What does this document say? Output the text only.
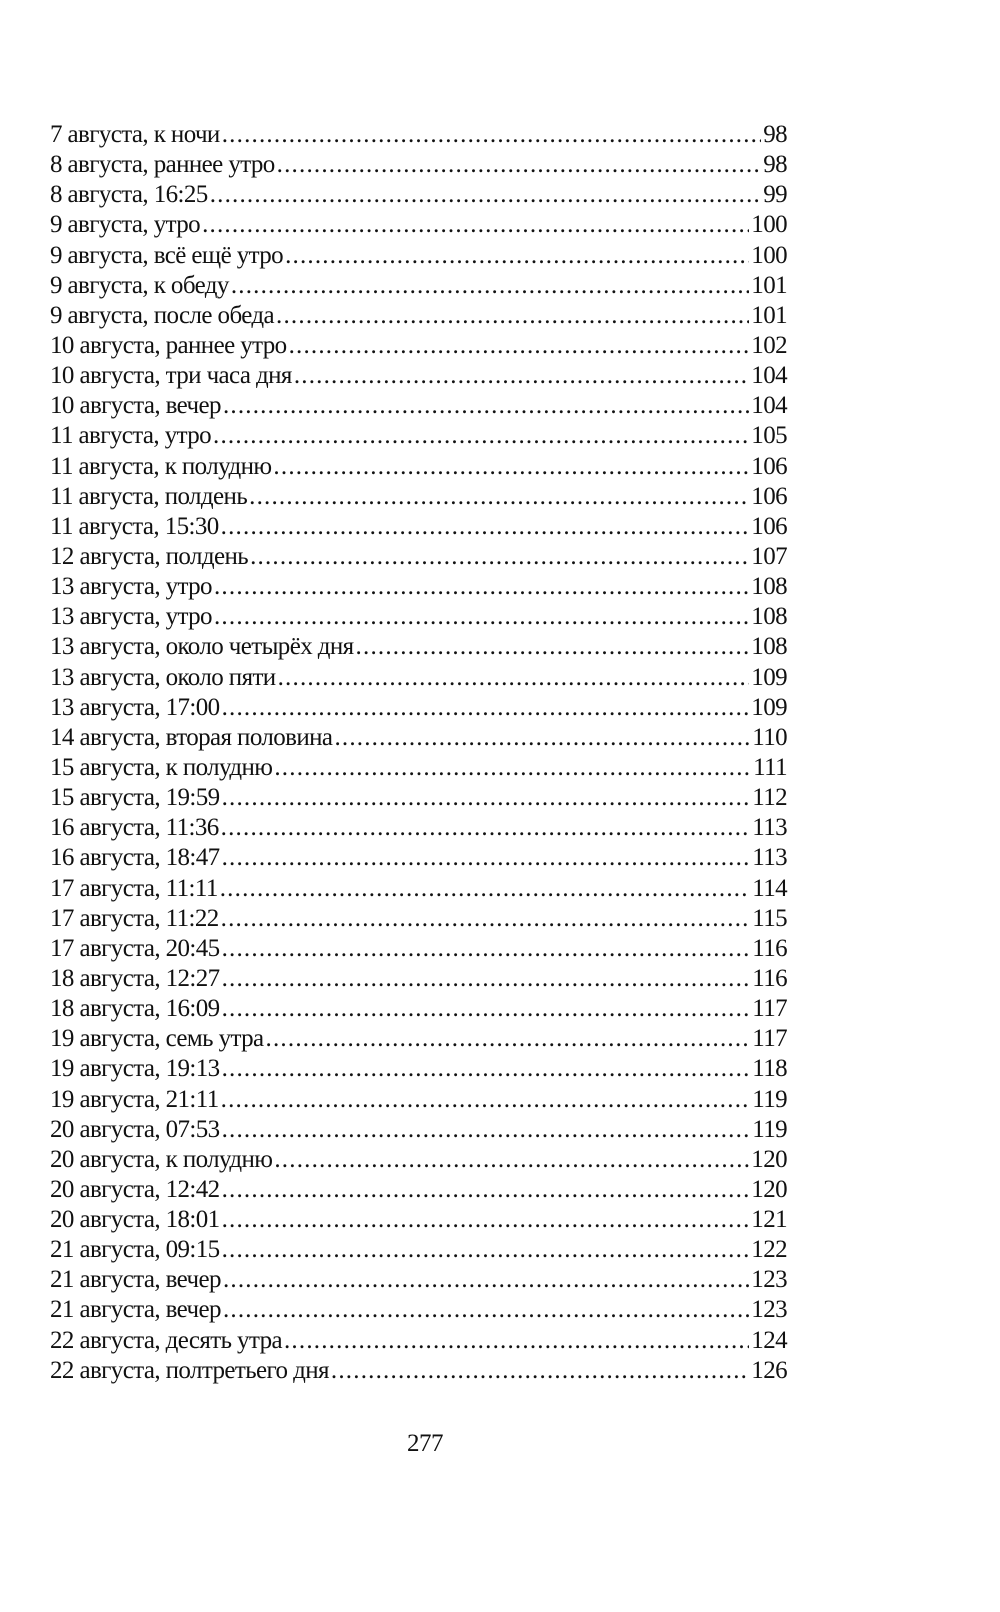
7 августа, к ночи .....	98
8 августа, раннее утро .....	98
8 августа, 16:25 .....	99
9 августа, утро .....	100
9 августа, всё ещё утро .....	100
9 августа, к обеду .....	101
9 августа, после обеда .....	101
10 августа, раннее утро .....	102
10 августа, три часа дня .....	104
10 августа, вечер .....	104
11 августа, утро .....	105
11 августа, к полудню .....	106
11 августа, полдень .....	106
11 августа, 15:30 .....	106
12 августа, полдень .....	107
13 августа, утро .....	108
13 августа, утро .....	108
13 августа, около четырёх дня .....	108
13 августа, около пяти .....	109
13 августа, 17:00 .....	109
14 августа, вторая половина .....	110
15 августа, к полудню .....	111
15 августа, 19:59 .....	112
16 августа, 11:36 .....	113
16 августа, 18:47 .....	113
17 августа, 11:11 .....	114
17 августа, 11:22 .....	115
17 августа, 20:45 .....	116
18 августа, 12:27 .....	116
18 августа, 16:09 .....	117
19 августа, семь утра .....	117
19 августа, 19:13 .....	118
19 августа, 21:11 .....	119
20 августа, 07:53 .....	119
20 августа, к полудню .....	120
20 августа, 12:42 .....	120
20 августа, 18:01 .....	121
21 августа, 09:15 .....	122
21 августа, вечер .....	123
21 августа, вечер .....	123
22 августа, десять утра .....	124
22 августа, полтретьего дня .....	126
277
